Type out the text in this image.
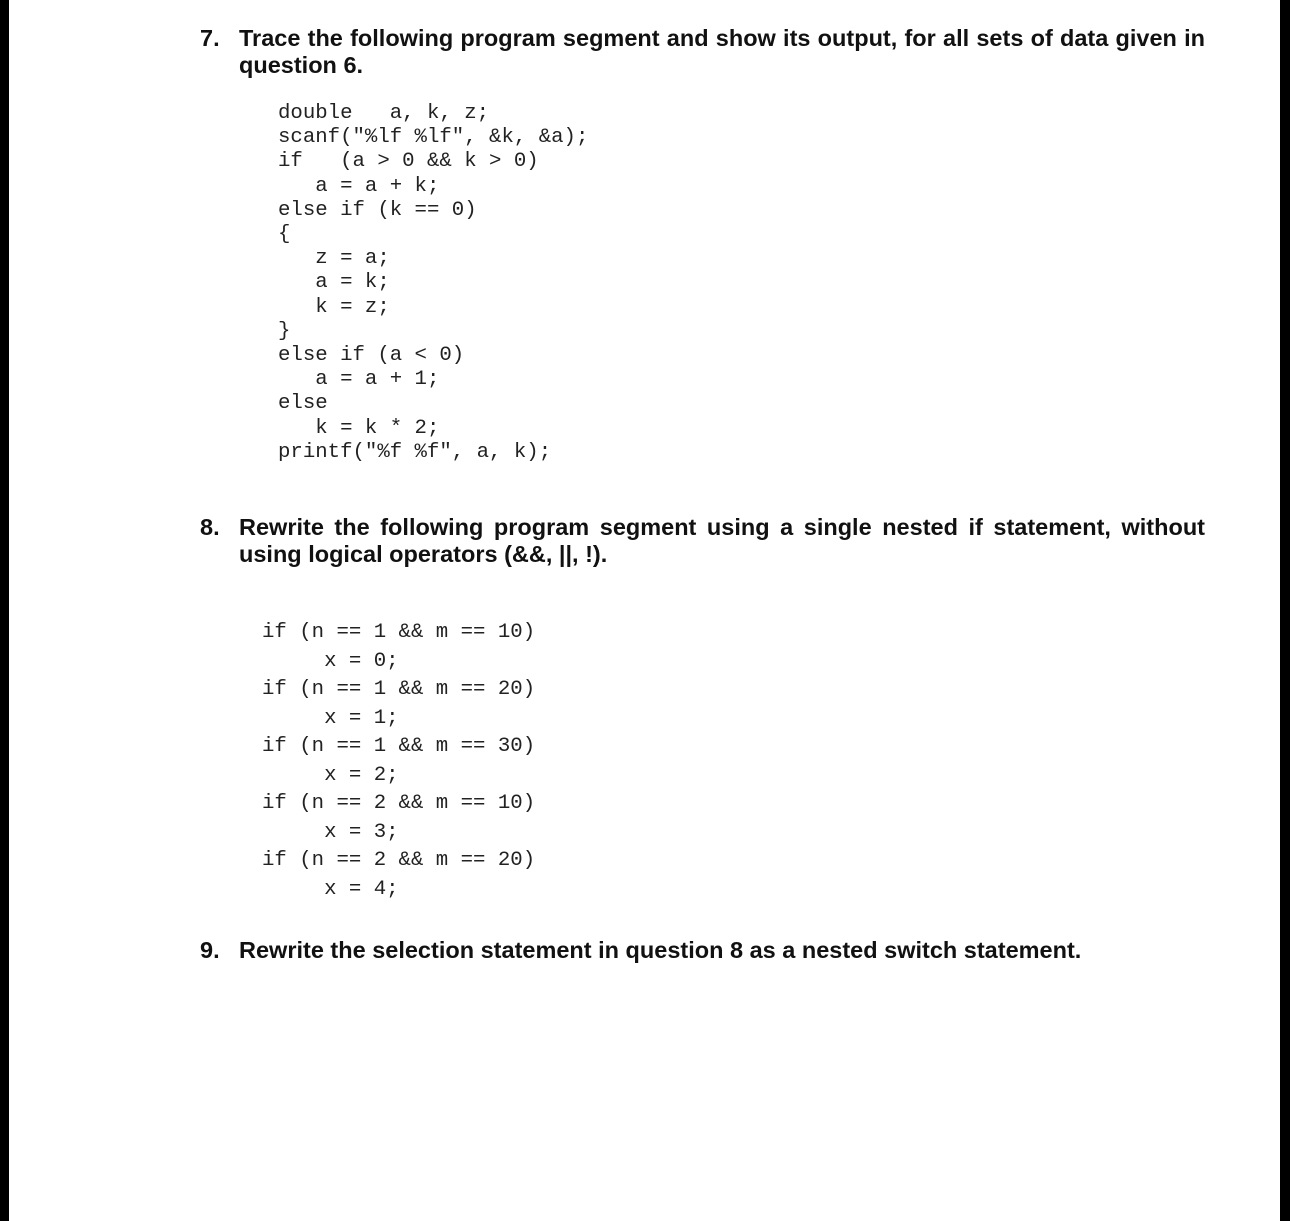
7. Trace the following program segment and show its output, for all sets of data given in question 6.
double   a, k, z;
scanf("%lf %lf", &k, &a);
if   (a > 0 && k > 0)
a = a + k;
else if (k == 0)
{
z = a;
a = k;
k = z;
}
else if (a < 0)
a = a + 1;
else
k = k * 2;
printf("%f %f", a, k);
8. Rewrite the following program segment using a single nested if statement, without using logical operators (&&, ||, !).
if (n == 1 && m == 10)
x = 0;
if (n == 1 && m == 20)
x = 1;
if (n == 1 && m == 30)
x = 2;
if (n == 2 && m == 10)
x = 3;
if (n == 2 && m == 20)
x = 4;
9. Rewrite the selection statement in question 8 as a nested switch statement.
